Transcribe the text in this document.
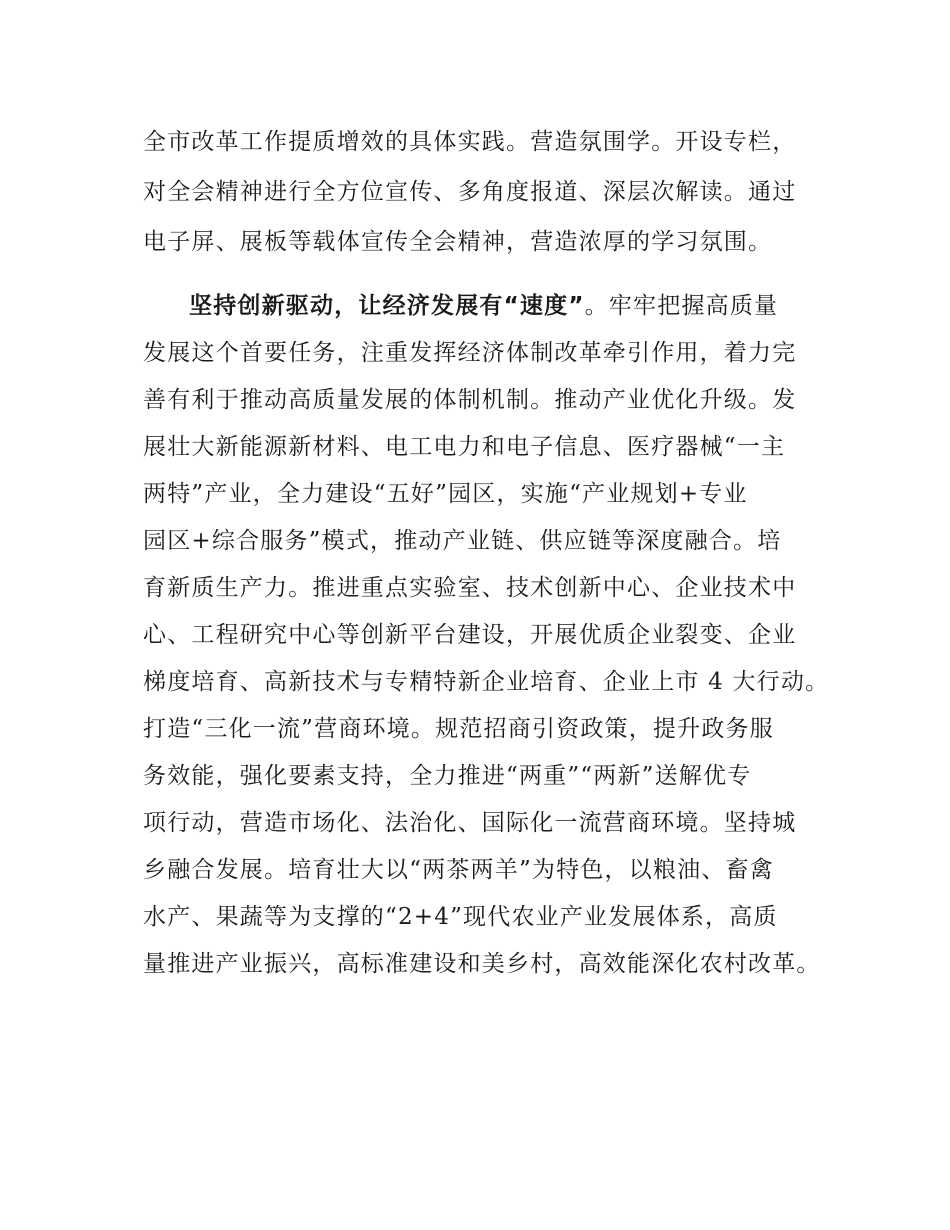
全市改革工作提质增效的具体实践。营造氛围学。开设专栏，
对全会精神进行全方位宣传、多角度报道、深层次解读。通过
电子屏、展板等载体宣传全会精神，营造浓厚的学习氛围。
坚持创新驱动，让经济发展有“速度”。牢牢把握高质量
发展这个首要任务，注重发挥经济体制改革牵引作用，着力完
善有利于推动高质量发展的体制机制。推动产业优化升级。发
展壮大新能源新材料、电工电力和电子信息、医疗器械“一主
两特”产业，全力建设“五好”园区，实施“产业规划+专业
园区+综合服务”模式，推动产业链、供应链等深度融合。培
育新质生产力。推进重点实验室、技术创新中心、企业技术中
心、工程研究中心等创新平台建设，开展优质企业裂变、企业
梯度培育、高新技术与专精特新企业培育、企业上市 4 大行动。
打造“三化一流”营商环境。规范招商引资政策，提升政务服
务效能，强化要素支持，全力推进“两重”“两新”送解优专
项行动，营造市场化、法治化、国际化一流营商环境。坚持城
乡融合发展。培育壮大以“两茶两羊”为特色，以粮油、畜禽
水产、果蔬等为支撑的“2+4”现代农业产业发展体系，高质
量推进产业振兴，高标准建设和美乡村，高效能深化农村改革。
